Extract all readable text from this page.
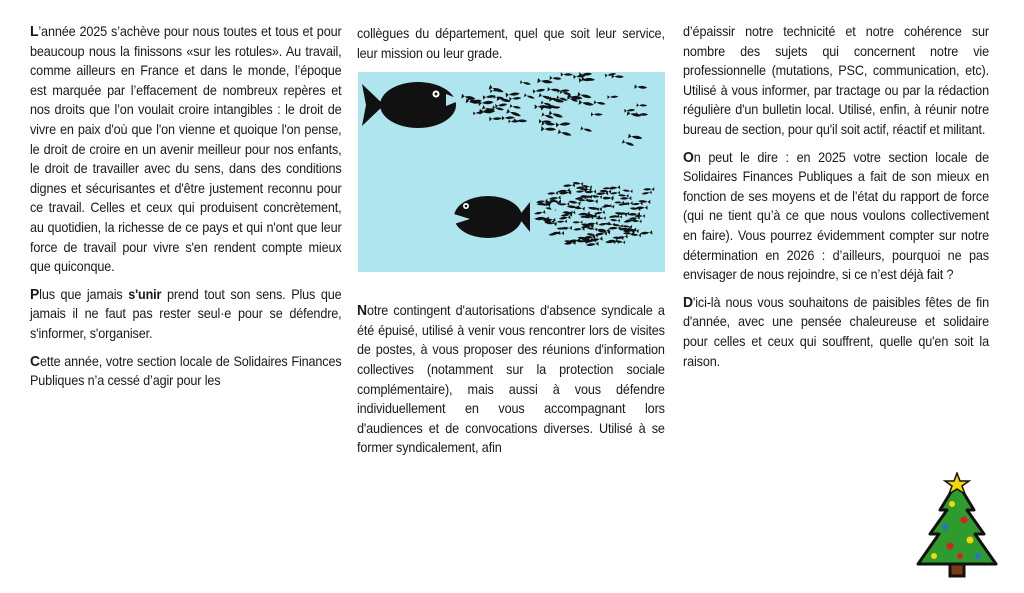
L’année 2025 s’achève pour nous toutes et tous et pour beaucoup nous la finissons «sur les rotules». Au travail, comme ailleurs en France et dans le monde, l’époque est marquée par l’effacement de nombreux repères et nos droits que l’on voulait croire intangibles : le droit de vivre en paix d'où que l'on vienne et quoique l'on pense, le droit de croire en un avenir meilleur pour nos enfants, le droit de travailler avec du sens, dans des conditions dignes et sécurisantes et d'être justement reconnu pour ce travail. Celles et ceux qui produisent concrètement, au quotidien, la richesse de ce pays et qui n'ont que leur force de travail pour vivre s'en rendent compte mieux que quiconque.

Plus que jamais s'unir prend tout son sens. Plus que jamais il ne faut pas rester seul·e pour se défendre, s'informer, s'organiser.

Cette année, votre section locale de Solidaires Finances Publiques n’a cessé d’agir pour les

collègues du département, quel que soit leur service, leur mission ou leur grade.

Notre contingent d'autorisations d'absence syndicale a été épuisé, utilisé à venir vous rencontrer lors de visites de postes, à vous proposer des réunions d'information collectives (notamment sur la protection sociale complémentaire), mais aussi à vous défendre individuellement en vous accompagnant lors d'audiences et de convocations diverses. Utilisé à se former syndicalement, afin

d’épaissir notre technicité et notre cohérence sur nombre des sujets qui concernent notre vie professionnelle (mutations, PSC, communication, etc). Utilisé à vous informer, par tractage ou par la rédaction régulière d'un bulletin local. Utilisé, enfin, à réunir notre bureau de section, pour qu'il soit actif, réactif et militant.

On peut le dire : en 2025 votre section locale de Solidaires Finances Publiques a fait de son mieux en fonction de ses moyens et de l’état du rapport de force (qui ne tient qu’à ce que nous voulons collectivement en faire). Vous pourrez évidemment compter sur notre détermination en 2026 : d’ailleurs, pourquoi ne pas envisager de nous rejoindre, si ce n’est déjà fait ?

D'ici-là nous vous souhaitons de paisibles fêtes de fin d'année, avec une pensée chaleureuse et solidaire pour celles et ceux qui souffrent, quelle qu'en soit la raison.
